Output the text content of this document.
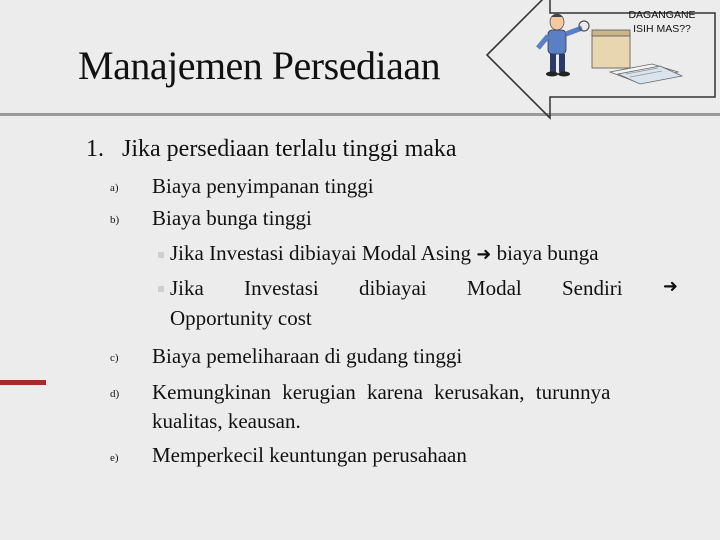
DAGANGANE
ISIH MAS??
Manajemen Persediaan
1. Jika persediaan terlalu tinggi maka
a) Biaya penyimpanan tinggi
b) Biaya bunga tinggi
Jika Investasi dibiayai Modal Asing ➜ biaya bunga
Jika Investasi dibiayai Modal Sendiri ➜
Opportunity cost
c) Biaya pemeliharaan di gudang tinggi
d) Kemungkinan kerugian karena kerusakan, turunnya
kualitas, keausan.
e) Memperkecil keuntungan perusahaan
